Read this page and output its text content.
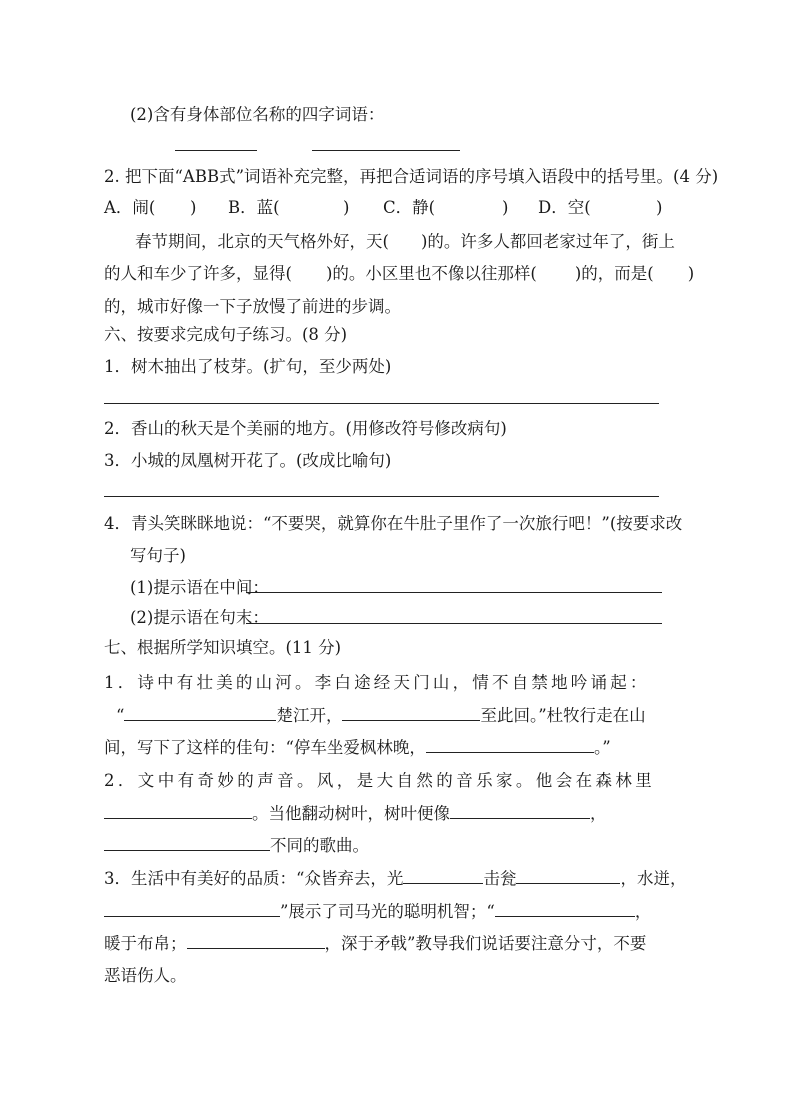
(2)含有身体部位名称的四字词语：
2. 把下面“ABB式”词语补充完整，再把合适词语的序号填入语段中的括号里。(4 分)
A．闹( ) B．蓝(	) C．静(	) D．空(	)
春节期间，北京的天气格外好，天( )的。许多人都回老家过年了，街上
的人和车少了许多，显得( )的。小区里也不像以往那样( )的，而是( )
的，城市好像一下子放慢了前进的步调。
六、按要求完成句子练习。(8 分)
1．树木抽出了枝芽。(扩句，至少两处)
2．香山的秋天是个美丽的地方。(用修改符号修改病句)
3．小城的凤凰树开花了。(改成比喻句)
4．青头笑眯眯地说：“不要哭，就算你在牛肚子里作了一次旅行吧！”(按要求改
写句子)
(1)提示语在中间：
(2)提示语在句末：
七、根据所学知识填空。(11 分)
1．诗中有壮美的山河。李白途经天门山，情不自禁地吟诵起：
“	楚江开，	至此回。”杜牧行走在山
间，写下了这样的佳句：“停车坐爱枫林晚，	。”
2．文中有奇妙的声音。风，是大自然的音乐家。他会在森林里
。当他翻动树叶，树叶便像	，
不同的歌曲。
3．生活中有美好的品质：“众皆弃去，光	击瓮	，水迸，
”展示了司马光的聪明机智；“	，
暖于布帛；	，深于矛戟”教导我们说话要注意分寸，不要
恶语伤人。
